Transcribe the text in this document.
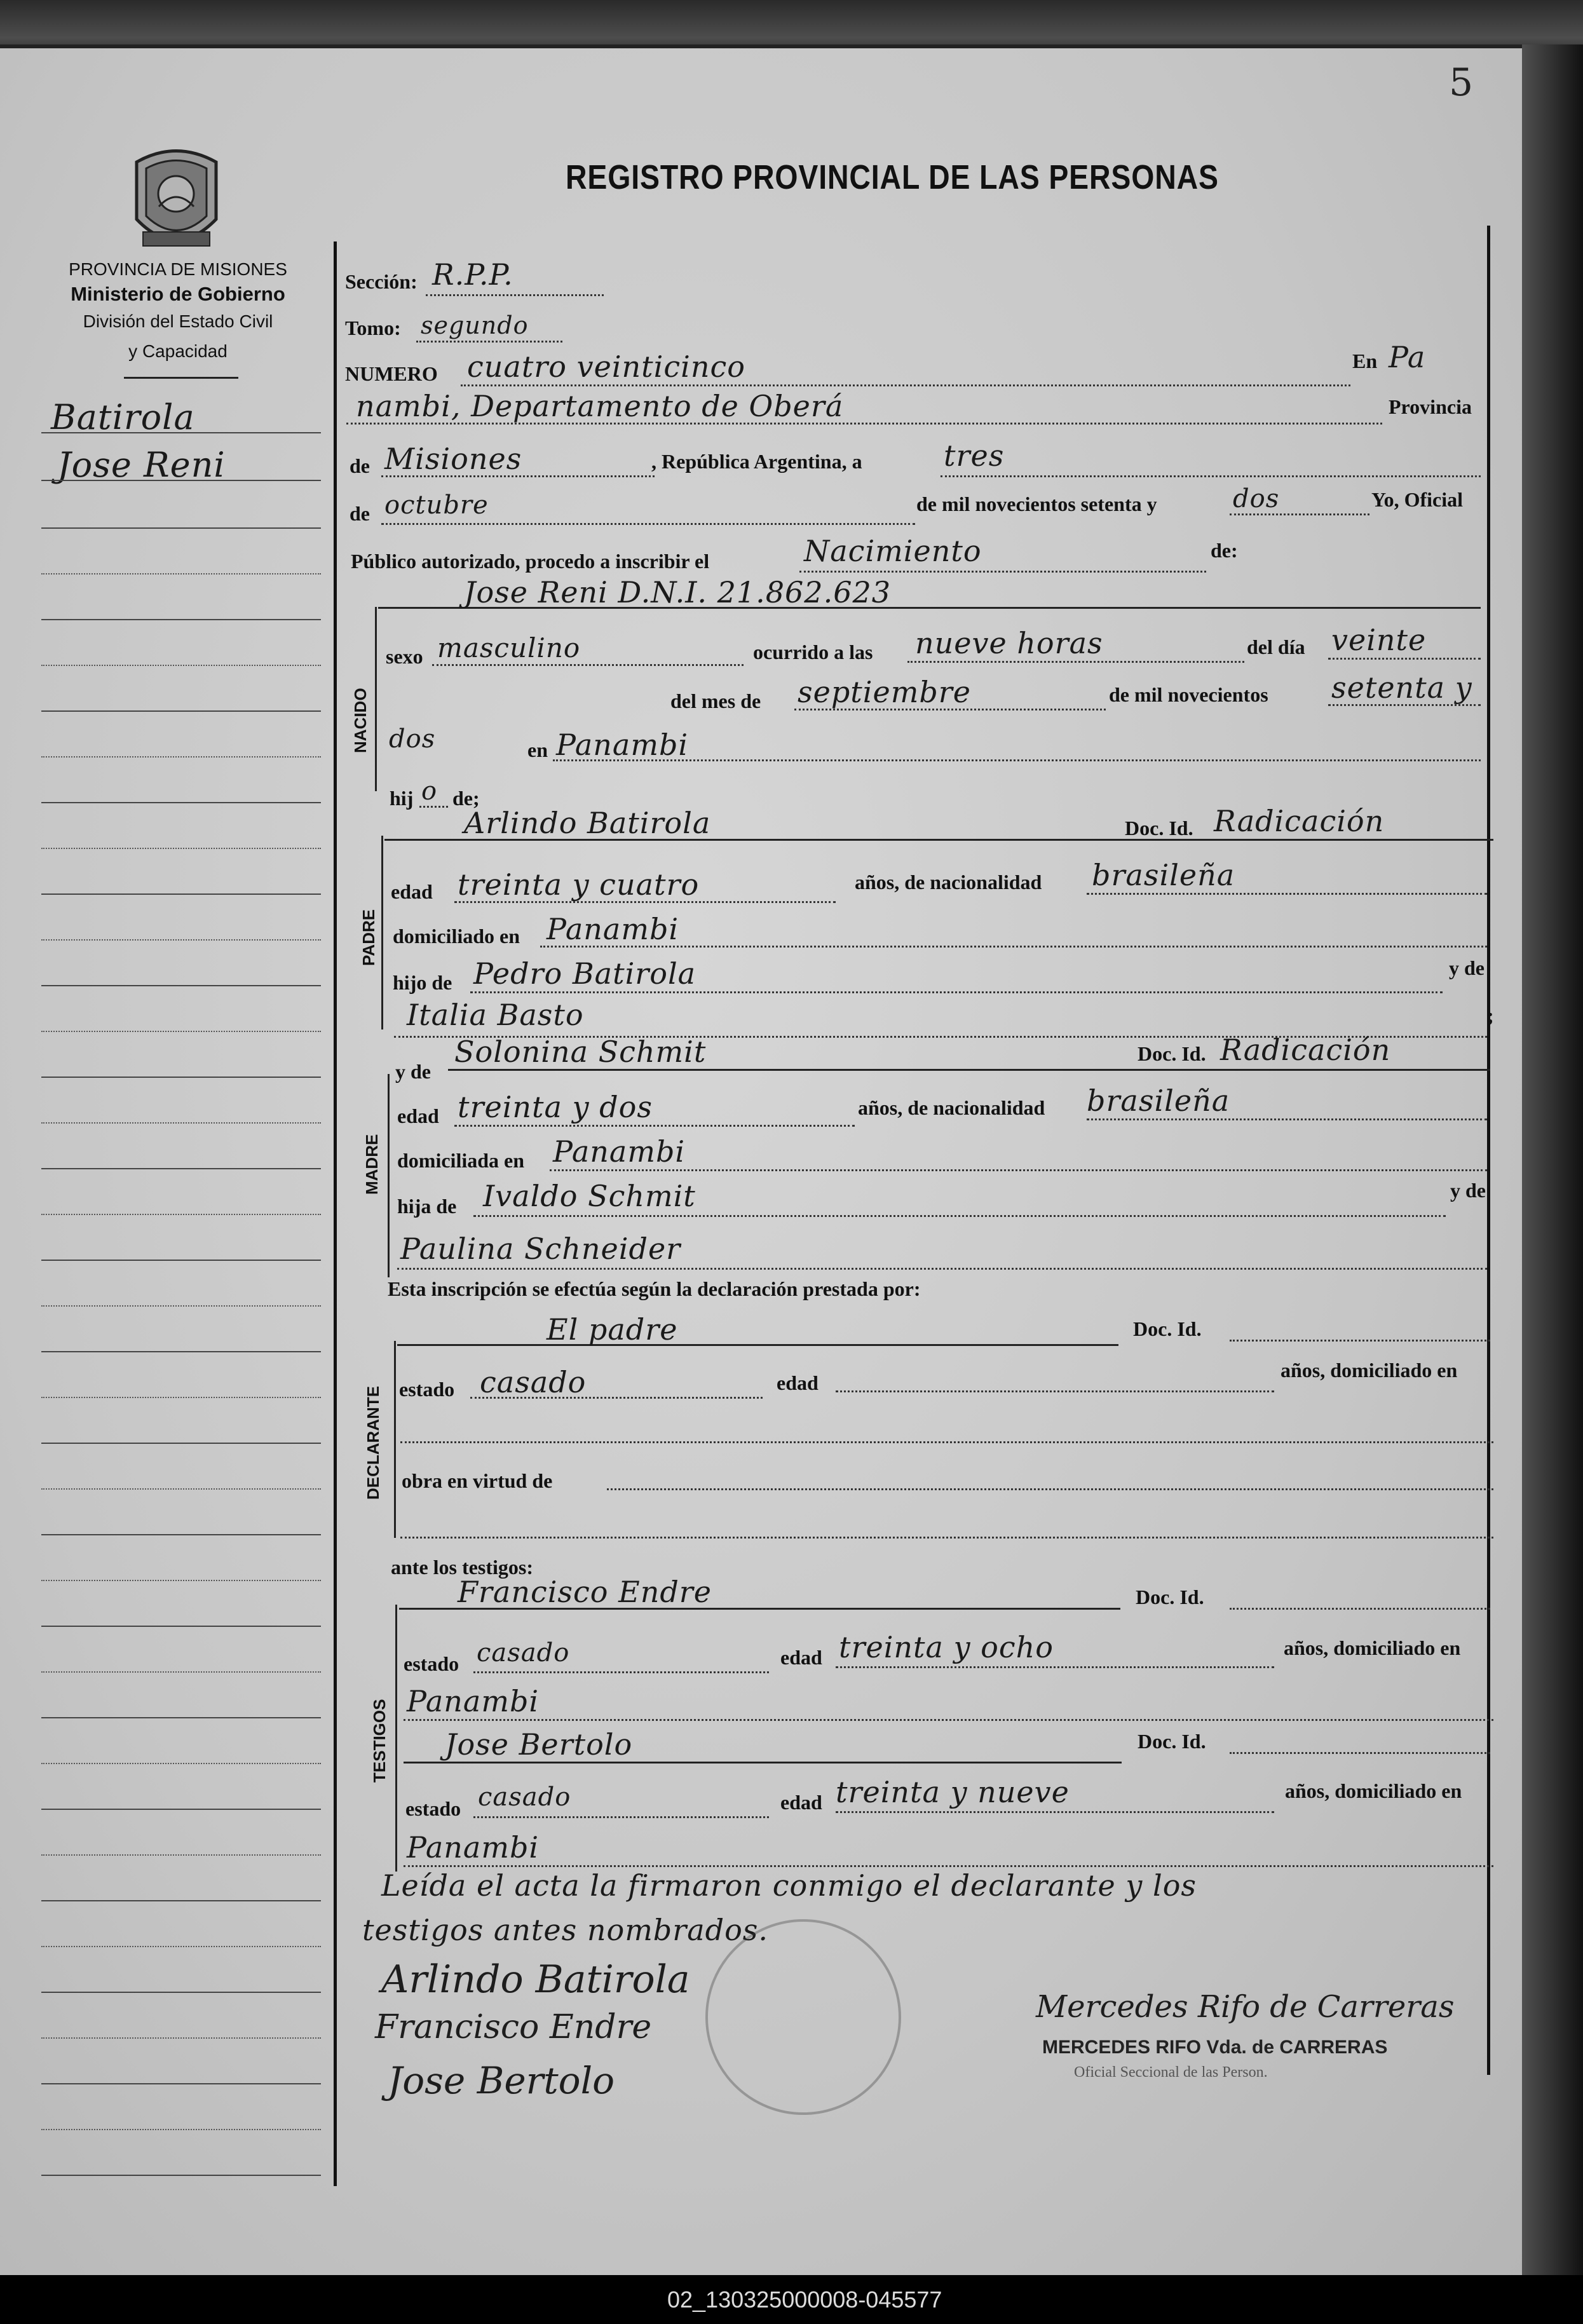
5
REGISTRO PROVINCIAL DE LAS PERSONAS
PROVINCIA DE MISIONES
Ministerio de Gobierno
División del Estado Civil
y Capacidad
Batirola
Jose Reni
Sección: R.P.P.
Tomo: segundo
NUMERO cuatro veinticinco	En Pa
nambi, Departamento de Oberá	Provincia
de Misiones	, República Argentina, a	tres
de octubre	de mil novecientos setenta y	dos	Yo, Oficial
Público autorizado, procedo a inscribir el	Nacimiento	de:
NACIDO
Jose Reni D.N.I. 21.862.623
sexo masculino	ocurrido a las nueve horas	del día veinte
del mes de septiembre	de mil novecientos setenta y
dos	en Panambi
hij o de;
PADRE
Arlindo Batirola	Doc. Id. Radicación
edad treinta y cuatro	años, de nacionalidad brasileña
domiciliado en Panambi
hijo de Pedro Batirola	y de
Italia Basto	;
y de
Solonina Schmit	Doc. Id. Radicación
MADRE
edad treinta y dos	años, de nacionalidad brasileña
domiciliada en Panambi
hija de Ivaldo Schmit	y de
Paulina Schneider
Esta inscripción se efectúa según la declaración prestada por:
DECLARANTE
El padre	Doc. Id.
estado casado	edad
años, domiciliado en
obra en virtud de
ante los testigos:
TESTIGOS
Francisco Endre	Doc. Id.
estado casado	edad treinta y ocho	años, domiciliado en
Panambi
Jose Bertolo	Doc. Id.
estado casado	edad treinta y nueve	años, domiciliado en
Panambi
Leída el acta la firmaron conmigo el declarante y los
testigos antes nombrados.
Arlindo Batirola
Francisco Endre
Jose Bertolo
Mercedes Rifo de Carreras
MERCEDES RIFO Vda. de CARRERAS
Oficial Seccional de las Person.
02_130325000008-045577
